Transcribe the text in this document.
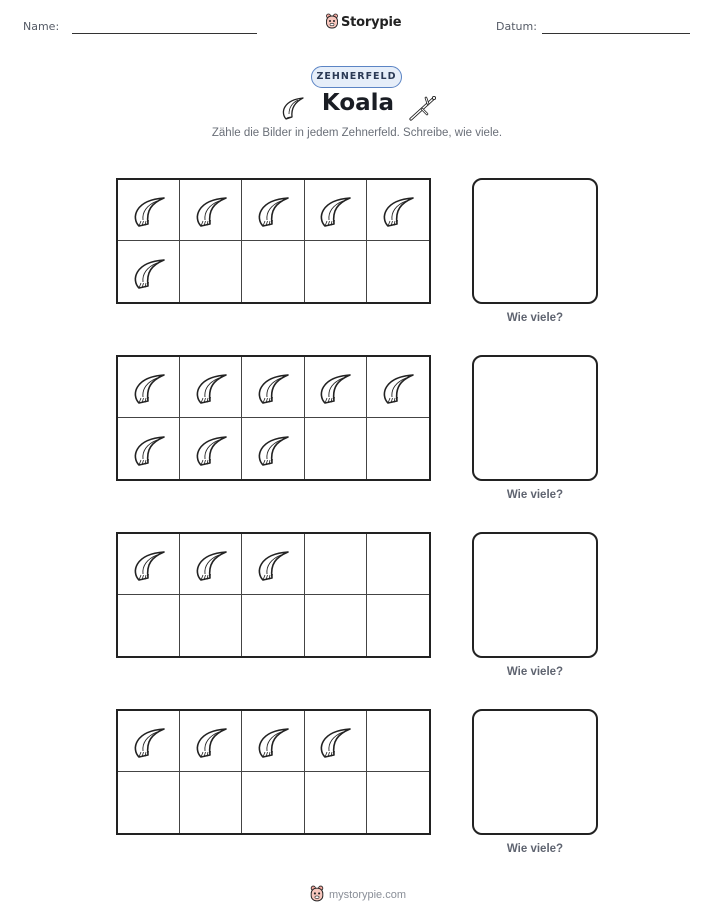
Name:	Storypie	Datum:
ZEHNERFELD
Koala
Zähle die Bilder in jedem Zehnerfeld. Schreibe, wie viele.
Wie viele?
Wie viele?
Wie viele?
Wie viele?
mystorypie.com
